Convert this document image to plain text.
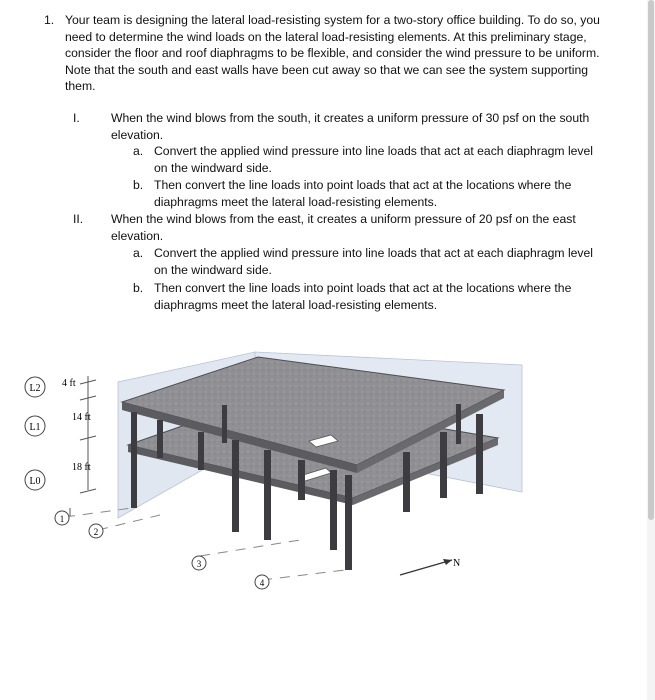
1. Your team is designing the lateral load-resisting system for a two-story office building. To do so, you need to determine the wind loads on the lateral load-resisting elements. At this preliminary stage, consider the floor and roof diaphragms to be flexible, and consider the wind pressure to be uniform. Note that the south and east walls have been cut away so that we can see the system supporting them.
I.	When the wind blows from the south, it creates a uniform pressure of 30 psf on the south elevation.
a. Convert the applied wind pressure into line loads that act at each diaphragm level on the windward side.
b. Then convert the line loads into point loads that act at the locations where the diaphragms meet the lateral load-resisting elements.
II. When the wind blows from the east, it creates a uniform pressure of 20 psf on the east elevation.
a. Convert the applied wind pressure into line loads that act at each diaphragm level on the windward side.
b. Then convert the line loads into point loads that act at the locations where the diaphragms meet the lateral load-resisting elements.
L2
L1
L0
4 ft
14 ft
18 ft
1
2
3
4
N
